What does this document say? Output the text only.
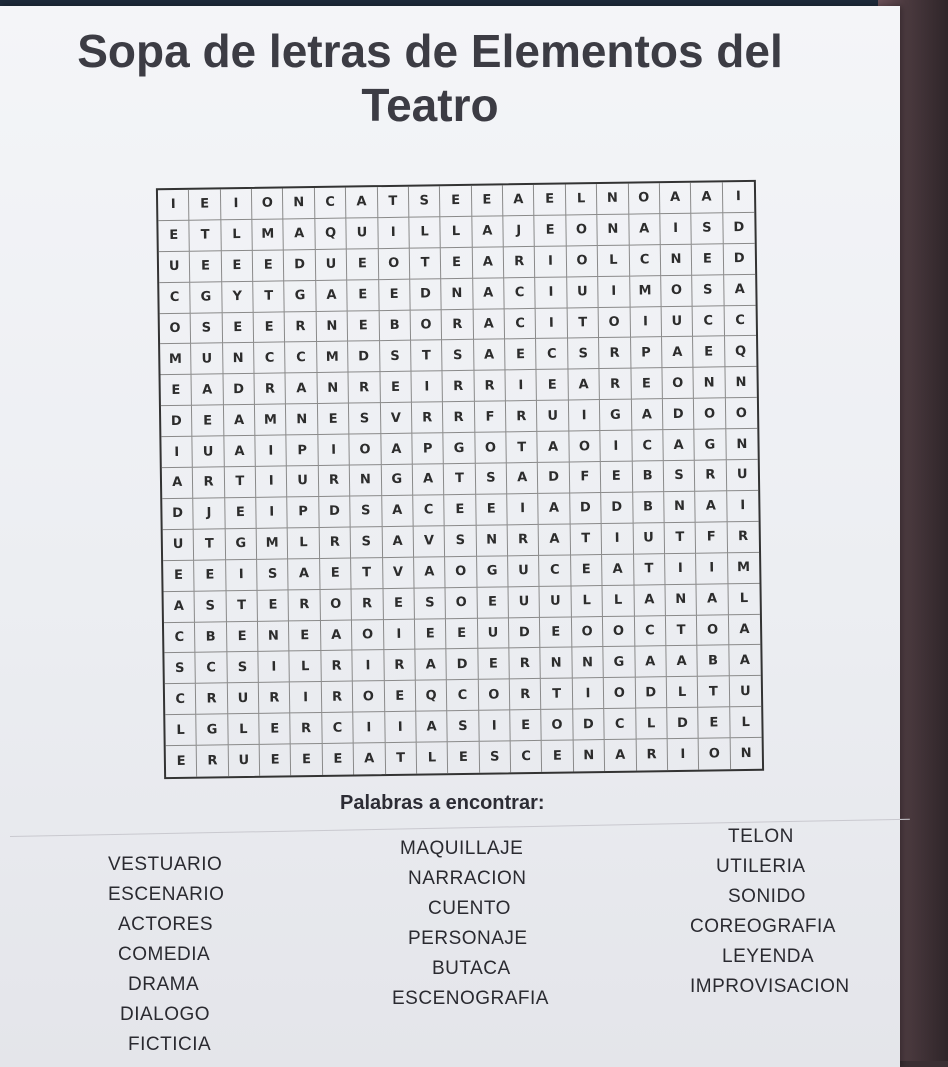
Sopa de letras de Elementos del
Teatro
I	E	I	O	N	C	A	T	S	E	E	A	E	L	N	O	A	A	I
E	T	L	M	A	Q	U	I	L	L	A	J	E	O	N	A	I	S	D
U	E	E	E	D	U	E	O	T	E	A	R	I	O	L	C	N	E	D
C	G	Y	T	G	A	E	E	D	N	A	C	I	U	I	M	O	S	A
O	S	E	E	R	N	E	B	O	R	A	C	I	T	O	I	U	C	C
M	U	N	C	C	M	D	S	T	S	A	E	C	S	R	P	A	E	Q
E	A	D	R	A	N	R	E	I	R	R	I	E	A	R	E	O	N	N
D	E	A	M	N	E	S	V	R	R	F	R	U	I	G	A	D	O	O
I	U	A	I	P	I	O	A	P	G	O	T	A	O	I	C	A	G	N
A	R	T	I	U	R	N	G	A	T	S	A	D	F	E	B	S	R	U
D	J	E	I	P	D	S	A	C	E	E	I	A	D	D	B	N	A	I
U	T	G	M	L	R	S	A	V	S	N	R	A	T	I	U	T	F	R
E	E	I	S	A	E	T	V	A	O	G	U	C	E	A	T	I	I	M
A	S	T	E	R	O	R	E	S	O	E	U	U	L	L	A	N	A	L
C	B	E	N	E	A	O	I	E	E	U	D	E	O	O	C	T	O	A
S	C	S	I	L	R	I	R	A	D	E	R	N	N	G	A	A	B	A
C	R	U	R	I	R	O	E	Q	C	O	R	T	I	O	D	L	T	U
L	G	L	E	R	C	I	I	A	S	I	E	O	D	C	L	D	E	L
E	R	U	E	E	E	A	T	L	E	S	C	E	N	A	R	I	O	N
Palabras a encontrar:
VESTUARIO
ESCENARIO
ACTORES
COMEDIA
DRAMA
DIALOGO
FICTICIA
MAQUILLAJE
NARRACION
CUENTO
PERSONAJE
BUTACA
ESCENOGRAFIA
TELON
UTILERIA
SONIDO
COREOGRAFIA
LEYENDA
IMPROVISACION
